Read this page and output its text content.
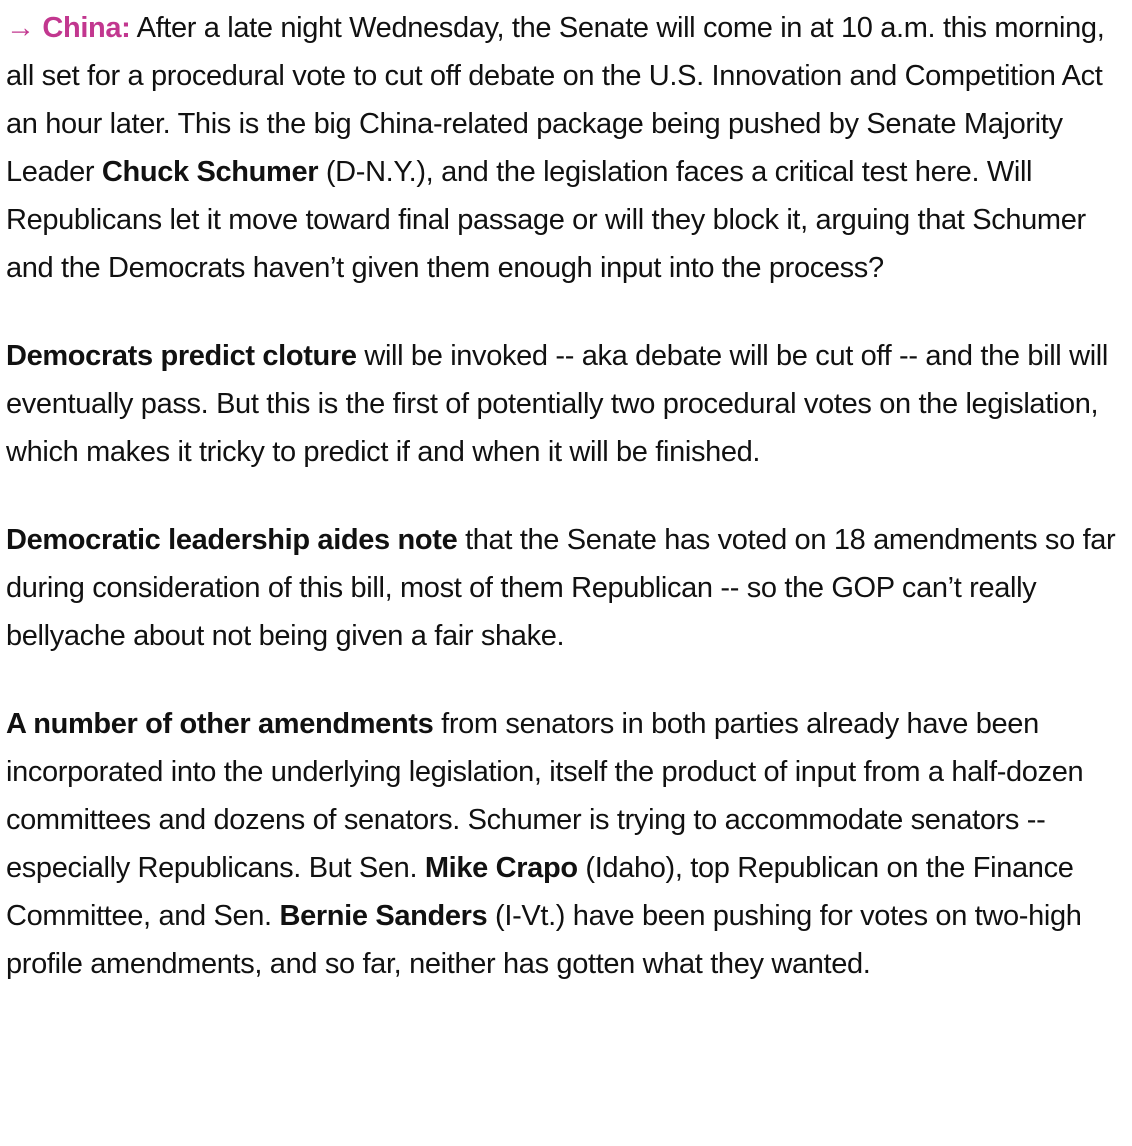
→ China: After a late night Wednesday, the Senate will come in at 10 a.m. this morning, all set for a procedural vote to cut off debate on the U.S. Innovation and Competition Act an hour later. This is the big China-related package being pushed by Senate Majority Leader Chuck Schumer (D-N.Y.), and the legislation faces a critical test here. Will Republicans let it move toward final passage or will they block it, arguing that Schumer and the Democrats haven’t given them enough input into the process?

Democrats predict cloture will be invoked -- aka debate will be cut off -- and the bill will eventually pass. But this is the first of potentially two procedural votes on the legislation, which makes it tricky to predict if and when it will be finished.

Democratic leadership aides note that the Senate has voted on 18 amendments so far during consideration of this bill, most of them Republican -- so the GOP can’t really bellyache about not being given a fair shake.

A number of other amendments from senators in both parties already have been incorporated into the underlying legislation, itself the product of input from a half-dozen committees and dozens of senators. Schumer is trying to accommodate senators -- especially Republicans. But Sen. Mike Crapo (Idaho), top Republican on the Finance Committee, and Sen. Bernie Sanders (I-Vt.) have been pushing for votes on two-high profile amendments, and so far, neither has gotten what they wanted.
